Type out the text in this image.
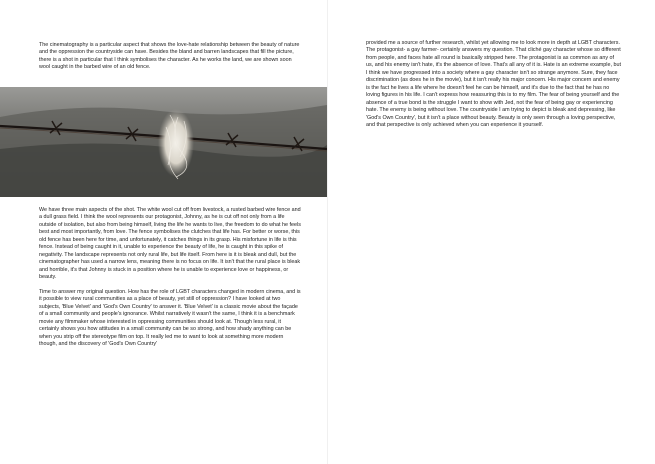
The cinematography is a particular aspect that shows the love-hate relationship between the beauty of nature and the oppression the countryside can have. Besides the bland and barren landscapes that fill the picture, there is a shot in particular that I think symbolises the character. As he works the land, we are shown soon wool caught in the barbed wire of an old fence.

We have three main aspects of the shot. The white wool cut off from livestock, a rusted barbed wire fence and a dull grass field. I think the wool represents our protagonist, Johnny, as he is cut off not only from a life outside of isolation, but also from being himself, living the life he wants to live, the freedom to do what he feels best and most importantly, from love. The fence symbolises the clutches that life has. For better or worse, this old fence has been here for time, and unfortunately, it catches things in its grasp. His misfortune in life is this fence. Instead of being caught in it, unable to experience the beauty of life, he is caught in this spike of negativity. The landscape represents not only rural life, but life itself. From here is it is bleak and dull, but the cinematographer has used a narrow lens, meaning there is no focus on life. It isn't that the rural place is bleak and horrible, it's that Johnny is stuck in a position where he is unable to experience love or happiness, or beauty.

Time to answer my original question. How has the role of LGBT characters changed in modern cinema, and is it possible to view rural communities as a place of beauty, yet still of oppression? I have looked at two subjects, 'Blue Velvet' and 'God's Own Country' to answer it. 'Blue Velvet' is a classic movie about the façade of a small community and people's ignorance. Whilst narratively it wasn't the same, I think it is a benchmark movie any filmmaker whose interested in oppressing communities should look at. Though less rural, it certainly shows you how attitudes in a small community can be so strong, and how shady anything can be when you strip off the stereotype film on top. It really led me to want to look at something more modern though, and the discovery of 'God's Own Country'

provided me a source of further research, whilst yet allowing me to look more in depth at LGBT characters. The protagonist- a gay farmer- certainly answers my question. That cliché gay character whose so different from people, and faces hate all round is basically stripped here. The protagonist is as common as any of us, and his enemy isn't hate, it's the absence of love. That's all any of it is. Hate is an extreme example, but I think we have progressed into a society where a gay character isn't so strange anymore. Sure, they face discrimination (as does he in the movie), but it isn't really his major concern. His major concern and enemy is the fact he lives a life where he doesn't feel he can be himself, and it's due to the fact that he has no loving figures in his life. I can't express how reassuring this is to my film. The fear of being yourself and the absence of a true bond is the struggle I want to show with Jed, not the fear of being gay or experiencing hate. The enemy is being without love. The countryside I am trying to depict is bleak and depressing, like 'God's Own Country', but it isn't a place without beauty. Beauty is only seen through a loving perspective, and that perspective is only achieved when you can experience it yourself.
